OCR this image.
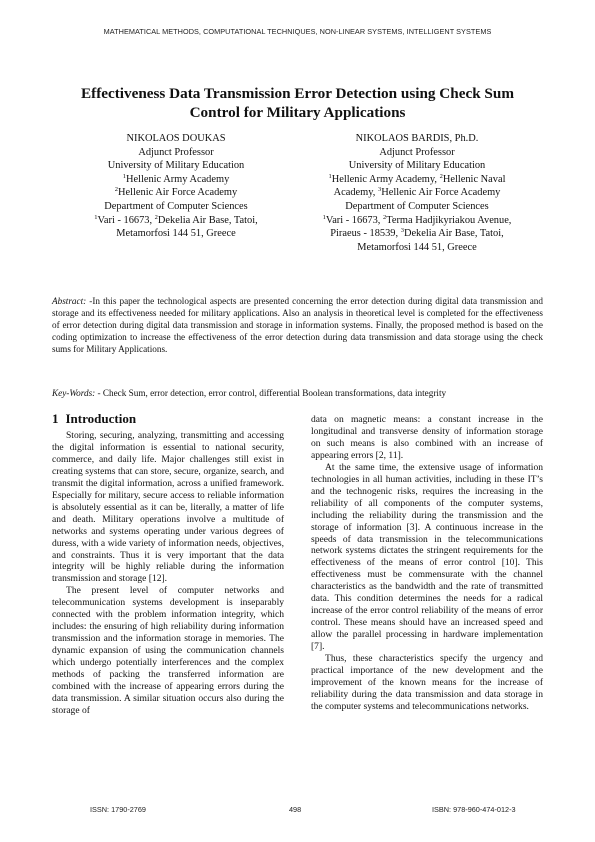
MATHEMATICAL METHODS, COMPUTATIONAL TECHNIQUES, NON-LINEAR SYSTEMS, INTELLIGENT SYSTEMS
Effectiveness Data Transmission Error Detection using Check Sum Control for Military Applications
NIKOLAOS DOUKAS
Adjunct Professor
University of Military Education
$^1$Hellenic Army Academy
$^2$Hellenic Air Force Academy
Department of Computer Sciences
$^1$Vari - 16673, $^2$Dekelia Air Base, Tatoi,
Metamorfosi 144 51, Greece
NIKOLAOS BARDIS, Ph.D.
Adjunct Professor
University of Military Education
$^1$Hellenic Army Academy, $^2$Hellenic Naval
Academy, $^3$Hellenic Air Force Academy
Department of Computer Sciences
$^1$Vari - 16673, $^2$Terma Hadjikyriakou Avenue,
Piraeus - 18539, $^3$Dekelia Air Base, Tatoi,
Metamorfosi 144 51, Greece

Abstract: -In this paper the technological aspects are presented concerning the error detection during digital data transmission and storage and its effectiveness needed for military applications. Also an analysis in theoretical level is completed for the effectiveness of error detection during digital data transmission and storage in information systems. Finally, the proposed method is based on the coding optimization to increase the effectiveness of the error detection during data transmission and data storage using the check sums for Military Applications.

Key-Words: - Check Sum, error detection, error control, differential Boolean transformations, data integrity

1 Introduction

Storing, securing, analyzing, transmitting and accessing the digital information is essential to national security, commerce, and daily life. Major challenges still exist in creating systems that can store, secure, organize, search, and transmit the digital information, across a unified framework. Especially for military, secure access to reliable information is absolutely essential as it can be, literally, a matter of life and death. Military operations involve a multitude of networks and systems operating under various degrees of duress, with a wide variety of information needs, objectives, and constraints. Thus it is very important that the data integrity will be highly reliable during the information transmission and storage [12].

The present level of computer networks and telecommunication systems development is inseparably connected with the problem information integrity, which includes: the ensuring of high reliability during information transmission and the information storage in memories. The dynamic expansion of using the communication channels which undergo potentially interferences and the complex methods of packing the transferred information are combined with the increase of appearing errors during the data transmission. A similar situation occurs also during the storage of

data on magnetic means: a constant increase in the longitudinal and transverse density of information storage on such means is also combined with an increase of appearing errors [2, 11].

At the same time, the extensive usage of information technologies in all human activities, including in these IT’s and the technogenic risks, requires the increasing in the reliability of all components of the computer systems, including the reliability during the transmission and the storage of information [3]. A continuous increase in the speeds of data transmission in the telecommunications network systems dictates the stringent requirements for the effectiveness of the means of error control [10]. This effectiveness must be commensurate with the channel characteristics as the bandwidth and the rate of transmitted data. This condition determines the needs for a radical increase of the error control reliability of the means of error control. These means should have an increased speed and allow the parallel processing in hardware implementation [7].

Thus, these characteristics specify the urgency and practical importance of the new development and the improvement of the known means for the increase of reliability during the data transmission and data storage in the computer systems and telecommunications networks.

ISSN: 1790-2769	498	ISBN: 978-960-474-012-3
